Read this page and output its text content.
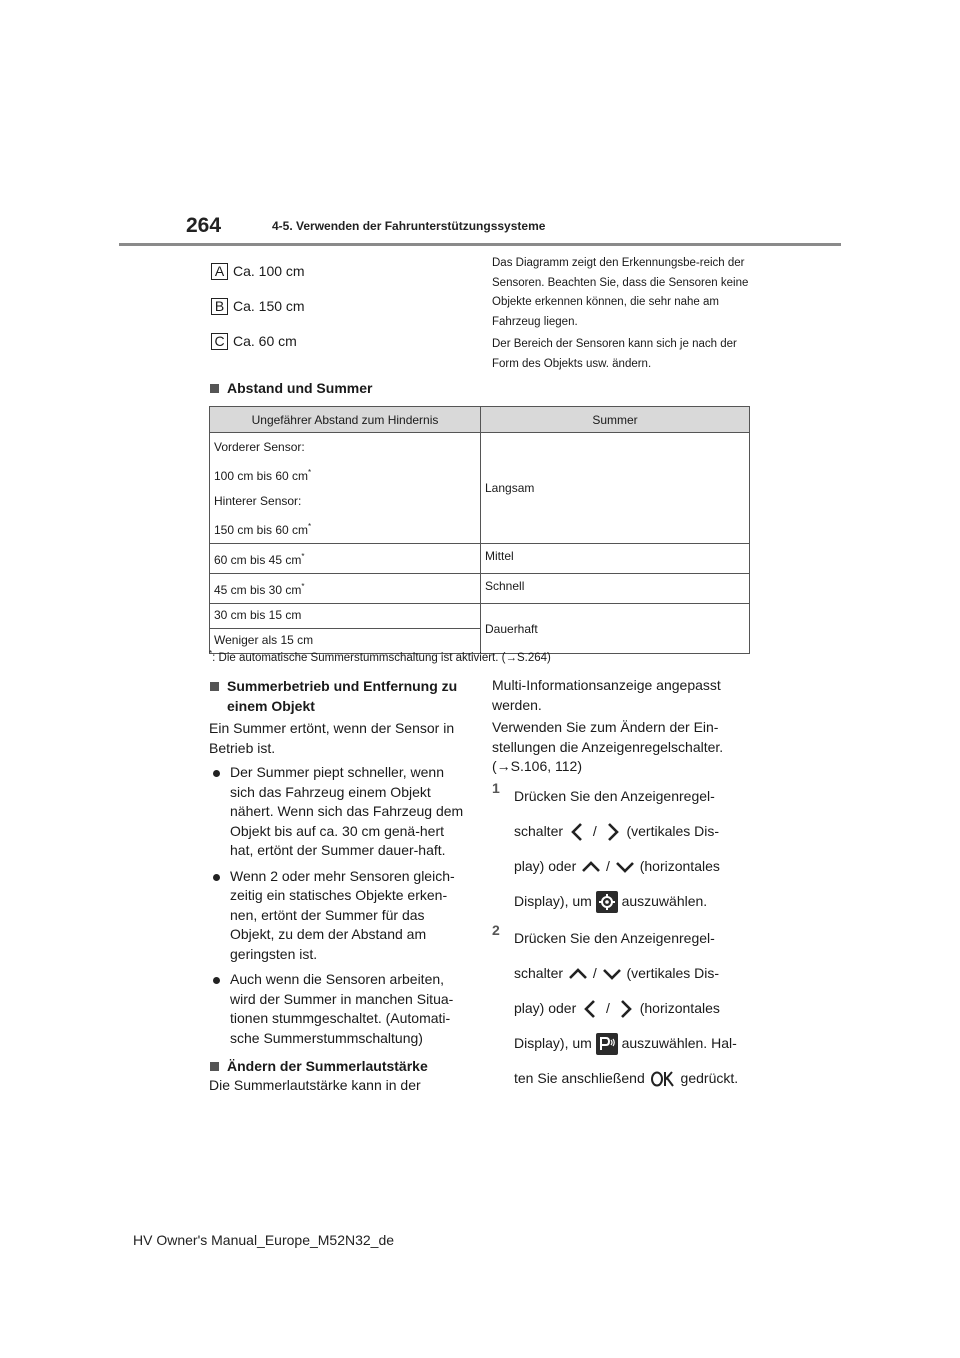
264	4-5. Verwenden der Fahrunterstützungssysteme
A Ca. 100 cm
B Ca. 150 cm
C Ca. 60 cm

Das Diagramm zeigt den Erkennungsbe-reich der Sensoren. Beachten Sie, dass die Sensoren keine Objekte erkennen können, die sehr nahe am Fahrzeug liegen.

Der Bereich der Sensoren kann sich je nach der Form des Objekts usw. ändern.

Abstand und Summer
Ungefährer Abstand zum Hindernis	Summer

Vorderer Sensor:
100 cm bis 60 cm*
Hinterer Sensor:
150 cm bis 60 cm*	Langsam

60 cm bis 45 cm*	Mittel

45 cm bis 30 cm*	Schnell

30 cm bis 15 cm	Dauerhaft

Weniger als 15 cm	
*: Die automatische Summerstummschaltung ist aktiviert. (→S.264)
Summerbetrieb und Entfernung zu einem Objekt

Ein Summer ertönt, wenn der Sensor in Betrieb ist.

Der Summer piept schneller, wenn sich das Fahrzeug einem Objekt nähert. Wenn sich das Fahrzeug dem Objekt bis auf ca. 30 cm genä-hert hat, ertönt der Summer dauer-haft.
Wenn 2 oder mehr Sensoren gleich-zeitig ein statisches Objekte erken-nen, ertönt der Summer für das Objekt, zu dem der Abstand am geringsten ist.
Auch wenn die Sensoren arbeiten, wird der Summer in manchen Situa-tionen stummgeschaltet. (Automati-sche Summerstummschaltung)
Ändern der Summerlautstärke

Die Summerlautstärke kann in der

Multi-Informationsanzeige angepasst werden.

Verwenden Sie zum Ändern der Ein-stellungen die Anzeigenregelschalter. (→S.106, 112)

1	Drücken Sie den Anzeigenregel-
schalter / (vertikales Dis-
play) oder / (horizontales
Display), um auszuwählen.
2	Drücken Sie den Anzeigenregel-
schalter / (vertikales Dis-
play) oder / (horizontales
Display), um auszuwählen. Hal-
ten Sie anschließend	gedrückt.
HV Owner's Manual_Europe_M52N32_de
